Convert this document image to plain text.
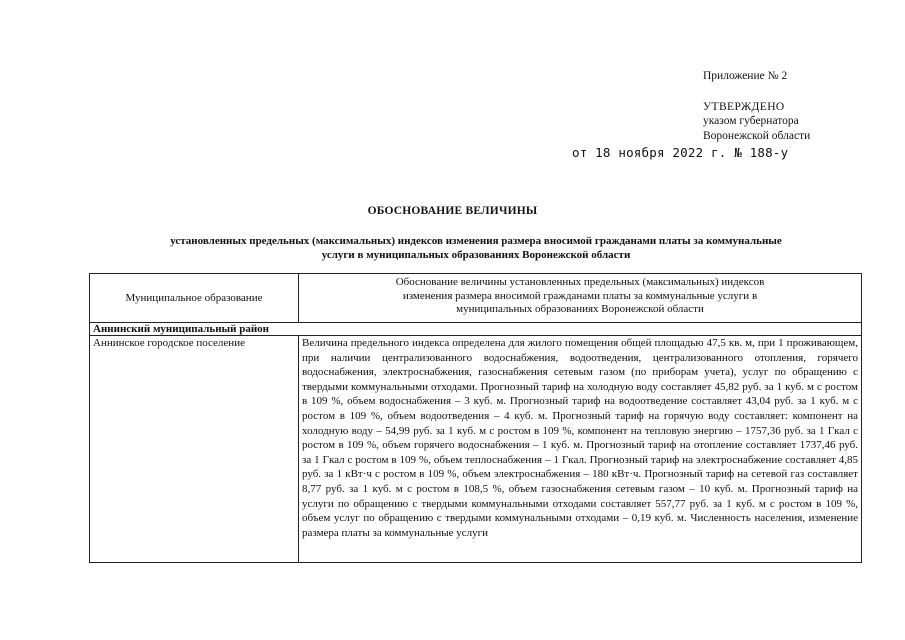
Приложение № 2
УТВЕРЖДЕНО
указом губернатора
Воронежской области
от 18 ноября 2022 г. № 188-у
ОБОСНОВАНИЕ ВЕЛИЧИНЫ
установленных предельных (максимальных) индексов изменения размера вносимой гражданами платы за коммунальные
услуги в муниципальных образованиях Воронежской области
Муниципальное образование	Обоснование величины установленных предельных (максимальных) индексов
изменения размера вносимой гражданами платы за коммунальные услуги в
муниципальных образованиях Воронежской области

Аннинский муниципальный район	
Аннинское городское поселение	Величина предельного индекса определена для жилого помещения общей площадью 47,5 кв. м, при 1 проживающем, при наличии централизованного водоснабжения, водоотведения, централизованного отопления, горячего водоснабжения, электроснабжения, газоснабжения сетевым газом (по приборам учета), услуг по обращению с твердыми коммунальными отходами. Прогнозный тариф на холодную воду составляет 45,82 руб. за 1 куб. м с ростом в 109 %, объем водоснабжения – 3 куб. м. Прогнозный тариф на водоотведение составляет 43,04 руб. за 1 куб. м с ростом в 109 %, объем водоотведения – 4 куб. м. Прогнозный тариф на горячую воду составляет: компонент на холодную воду – 54,99 руб. за 1 куб. м с ростом в 109 %, компонент на тепловую энергию – 1757,36 руб. за 1 Гкал с ростом в 109 %, объем горячего водоснабжения – 1 куб. м. Прогнозный тариф на отопление составляет 1737,46 руб. за 1 Гкал с ростом в 109 %, объем теплоснабжения – 1 Гкал. Прогнозный тариф на электроснабжение составляет 4,85 руб. за 1 кВт·ч с ростом в 109 %, объем электроснабжения – 180 кВт·ч. Прогнозный тариф на сетевой газ составляет 8,77 руб. за 1 куб. м с ростом в 108,5 %, объем газоснабжения сетевым газом – 10 куб. м. Прогнозный тариф на услуги по обращению с твердыми коммунальными отходами составляет 557,77 руб. за 1 куб. м с ростом в 109 %, объем услуг по обращению с твердыми коммунальными отходами – 0,19 куб. м. Численность населения, изменение размера платы за коммунальные услуги
